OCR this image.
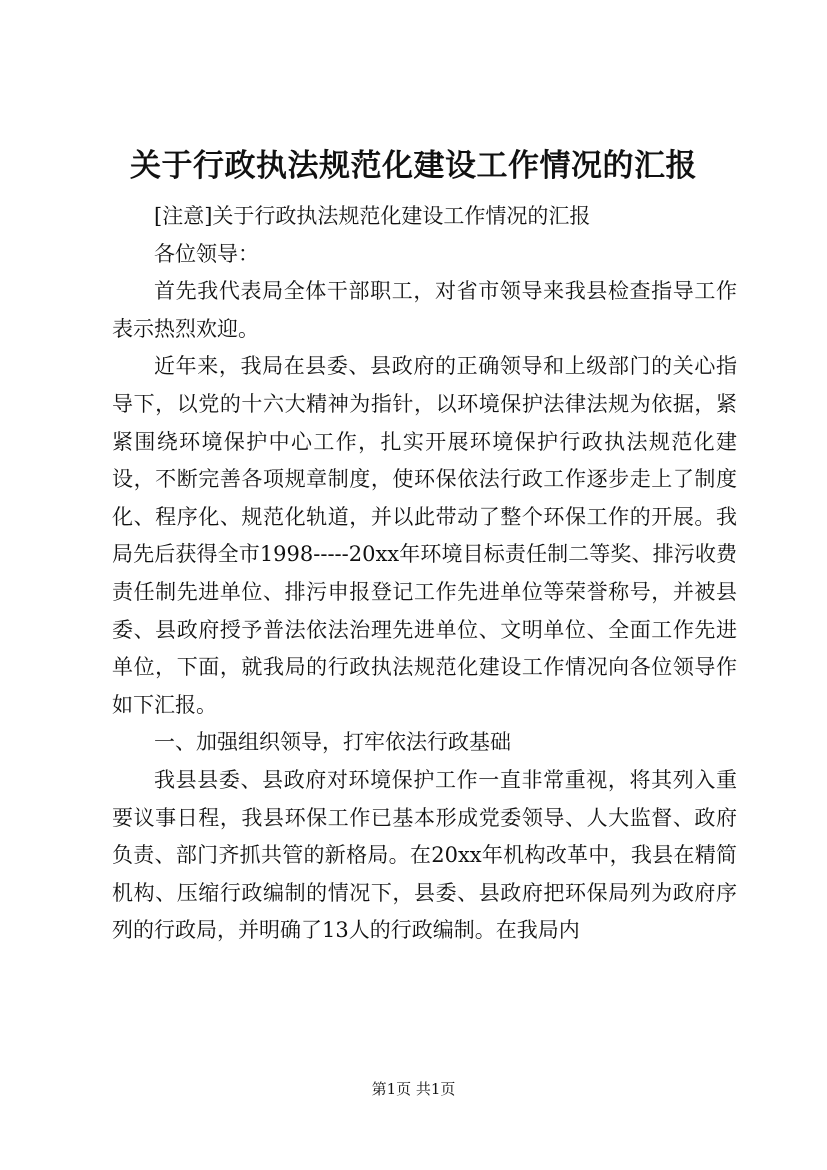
关于行政执法规范化建设工作情况的汇报

[注意]关于行政执法规范化建设工作情况的汇报

各位领导：

首先我代表局全体干部职工，对省市领导来我县检查指导工作表示热烈欢迎。

近年来，我局在县委、县政府的正确领导和上级部门的关心指导下，以党的十六大精神为指针，以环境保护法律法规为依据，紧紧围绕环境保护中心工作，扎实开展环境保护行政执法规范化建设，不断完善各项规章制度，使环保依法行政工作逐步走上了制度化、程序化、规范化轨道，并以此带动了整个环保工作的开展。我局先后获得全市1998-----20xx年环境目标责任制二等奖、排污收费责任制先进单位、排污申报登记工作先进单位等荣誉称号，并被县委、县政府授予普法依法治理先进单位、文明单位、全面工作先进单位，下面，就我局的行政执法规范化建设工作情况向各位领导作如下汇报。

一、加强组织领导，打牢依法行政基础

我县县委、县政府对环境保护工作一直非常重视，将其列入重要议事日程，我县环保工作已基本形成党委领导、人大监督、政府负责、部门齐抓共管的新格局。在20xx年机构改革中，我县在精简机构、压缩行政编制的情况下，县委、县政府把环保局列为政府序列的行政局，并明确了13人的行政编制。在我局内

第1页 共1页
